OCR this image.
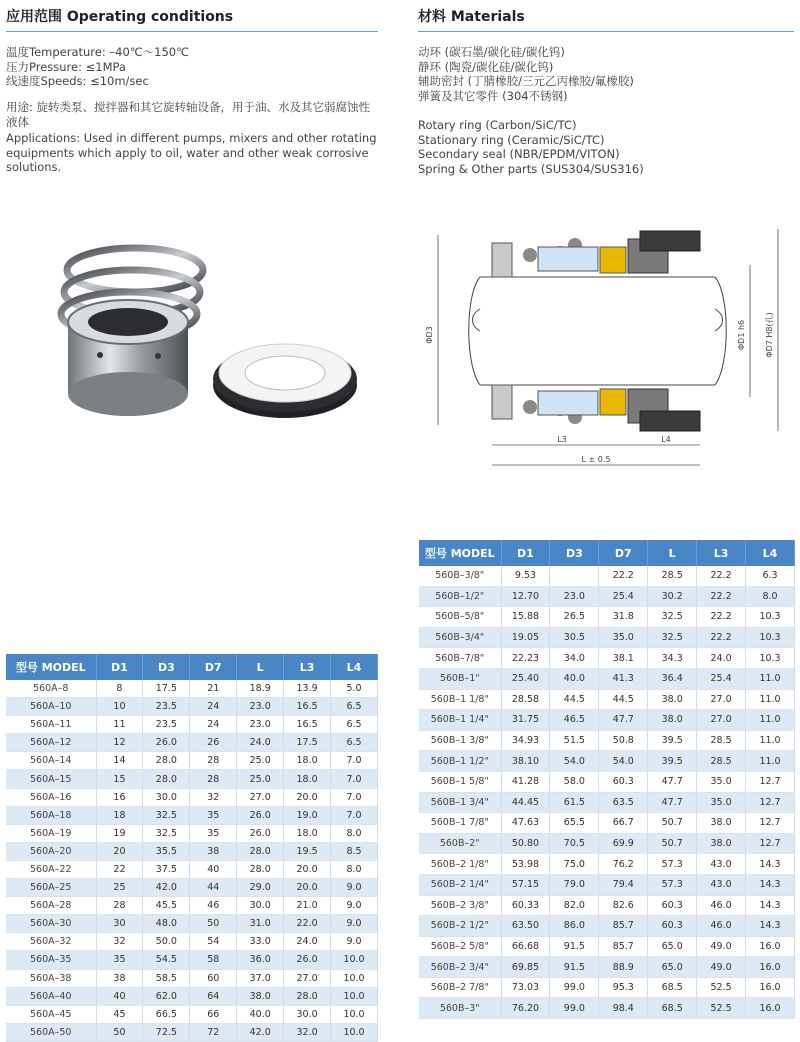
应用范围 Operating conditions
温度Temperature: –40℃～150℃
压力Pressure: ≤1MPa
线速度Speeds: ≤10m/sec
用途: 旋转类泵、搅拌器和其它旋转轴设备，用于油、水及其它弱腐蚀性液体
Applications: Used in different pumps, mixers and other rotating equipments which apply to oil, water and other weak corrosive solutions.
材料 Materials
动环 (碳石墨/碳化硅/碳化钨)
静环 (陶瓷/碳化硅/碳化钨)
辅助密封 (丁腈橡胶/三元乙丙橡胶/氟橡胶)
弹簧及其它零件 (304不锈钢)
Rotary ring (Carbon/SiC/TC)
Stationary ring (Ceramic/SiC/TC)
Secondary seal (NBR/EPDM/VITON)
Spring & Other parts (SUS304/SUS316)
ΦD3	ΦD1 h6 ΦD7 H8(孔)
L3	L4
L ± 0.5
型号 MODEL	D1	D3	D7	L	L3	L4
560A–8	8	17.5	21	18.9	13.9	5.0
560A–10	10	23.5	24	23.0	16.5	6.5
560A–11	11	23.5	24	23.0	16.5	6.5
560A–12	12	26.0	26	24.0	17.5	6.5
560A–14	14	28.0	28	25.0	18.0	7.0
560A–15	15	28.0	28	25.0	18.0	7.0
560A–16	16	30.0	32	27.0	20.0	7.0
560A–18	18	32.5	35	26.0	19.0	7.0
560A–19	19	32.5	35	26.0	18.0	8.0
560A–20	20	35.5	38	28.0	19.5	8.5
560A–22	22	37.5	40	28.0	20.0	8.0
560A–25	25	42.0	44	29.0	20.0	9.0
560A–28	28	45.5	46	30.0	21.0	9.0
560A–30	30	48.0	50	31.0	22.0	9.0
560A–32	32	50.0	54	33.0	24.0	9.0
560A–35	35	54.5	58	36.0	26.0	10.0
560A–38	38	58.5	60	37.0	27.0	10.0
560A–40	40	62.0	64	38.0	28.0	10.0
560A–45	45	66.5	66	40.0	30.0	10.0
560A–50	50	72.5	72	42.0	32.0	10.0
型号 MODEL	D1	D3	D7	L	L3	L4
560B–3/8"	9.53		22.2	28.5	22.2	6.3
560B–1/2"	12.70	23.0	25.4	30.2	22.2	8.0
560B–5/8"	15.88	26.5	31.8	32.5	22.2	10.3
560B–3/4"	19.05	30.5	35.0	32.5	22.2	10.3
560B–7/8"	22.23	34.0	38.1	34.3	24.0	10.3
560B–1"	25.40	40.0	41.3	36.4	25.4	11.0
560B–1 1/8"	28.58	44.5	44.5	38.0	27.0	11.0
560B–1 1/4"	31.75	46.5	47.7	38.0	27.0	11.0
560B–1 3/8"	34.93	51.5	50.8	39.5	28.5	11.0
560B–1 1/2"	38.10	54.0	54.0	39.5	28.5	11.0
560B–1 5/8"	41.28	58.0	60.3	47.7	35.0	12.7
560B–1 3/4"	44.45	61.5	63.5	47.7	35.0	12.7
560B–1 7/8"	47.63	65.5	66.7	50.7	38.0	12.7
560B–2"	50.80	70.5	69.9	50.7	38.0	12.7
560B–2 1/8"	53.98	75.0	76.2	57.3	43.0	14.3
560B–2 1/4"	57.15	79.0	79.4	57.3	43.0	14.3
560B–2 3/8"	60.33	82.0	82.6	60.3	46.0	14.3
560B–2 1/2"	63.50	86.0	85.7	60.3	46.0	14.3
560B–2 5/8"	66.68	91.5	85.7	65.0	49.0	16.0
560B–2 3/4"	69.85	91.5	88.9	65.0	49.0	16.0
560B–2 7/8"	73.03	99.0	95.3	68.5	52.5	16.0
560B–3"	76.20	99.0	98.4	68.5	52.5	16.0
